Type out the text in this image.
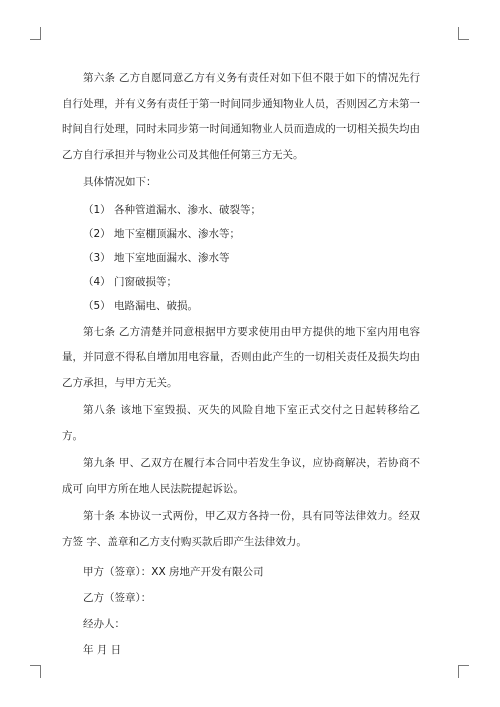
第六条 乙方自愿同意乙方有义务有责任对如下但不限于如下的情况先行自行处理，并有义务有责任于第一时间同步通知物业人员，否则因乙方未第一时间自行处理，同时未同步第一时间通知物业人员而造成的一切相关损失均由乙方自行承担并与物业公司及其他任何第三方无关。

具体情况如下：

（1） 各种管道漏水、渗水、破裂等；

（2） 地下室棚顶漏水、渗水等；

（3） 地下室地面漏水、渗水等

（4） 门窗破损等；

（5） 电路漏电、破损。

第七条 乙方清楚并同意根据甲方要求使用由甲方提供的地下室内用电容量，并同意不得私自增加用电容量，否则由此产生的一切相关责任及损失均由乙方承担，与甲方无关。

第八条 该地下室毁损、灭失的风险自地下室正式交付之日起转移给乙方。

第九条 甲、乙双方在履行本合同中若发生争议，应协商解决，若协商不成可 向甲方所在地人民法院提起诉讼。

第十条 本协议一式两份，甲乙双方各持一份，具有同等法律效力。经双方签 字、盖章和乙方支付购买款后即产生法律效力。

甲方（签章）：XX 房地产开发有限公司

乙方（签章）：

经办人：

年 月 日
